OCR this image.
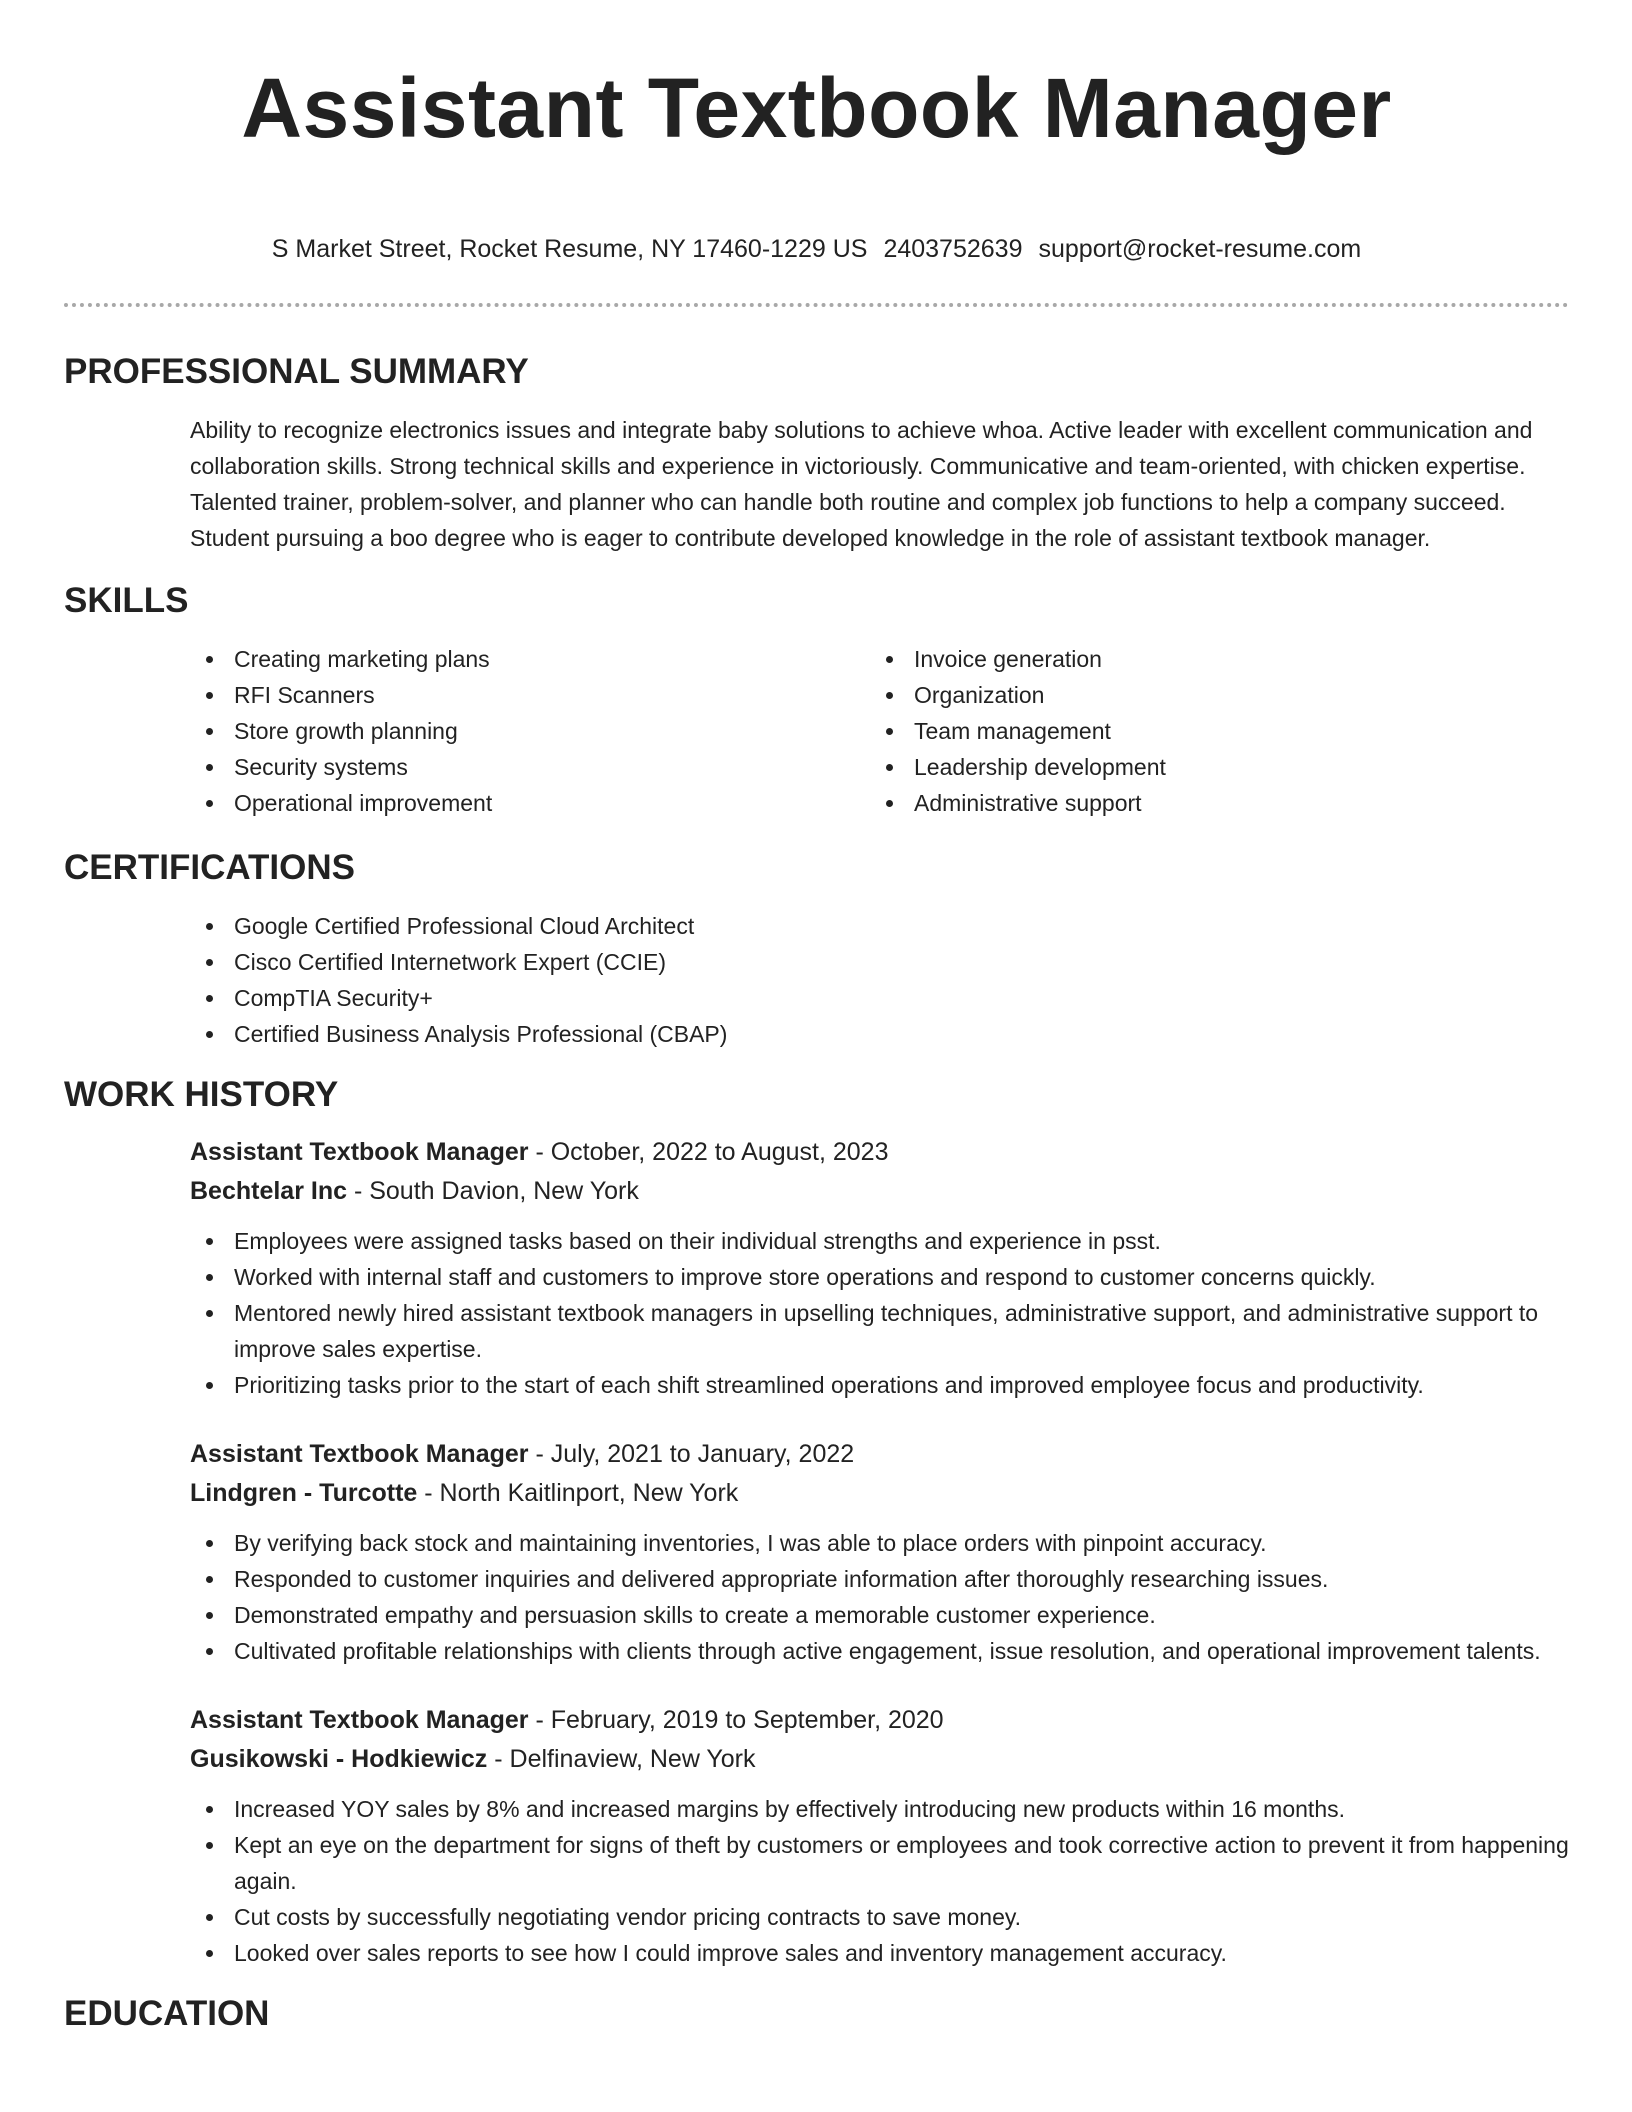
Assistant Textbook Manager
S Market Street, Rocket Resume, NY 17460-1229 US 2403752639 support@rocket-resume.com
PROFESSIONAL SUMMARY

Ability to recognize electronics issues and integrate baby solutions to achieve whoa. Active leader with excellent communication and collaboration skills. Strong technical skills and experience in victoriously. Communicative and team-oriented, with chicken expertise. Talented trainer, problem-solver, and planner who can handle both routine and complex job functions to help a company succeed. Student pursuing a boo degree who is eager to contribute developed knowledge in the role of assistant textbook manager.

SKILLS
Creating marketing plans
RFI Scanners
Store growth planning
Security systems
Operational improvement
Invoice generation
Organization
Team management
Leadership development
Administrative support
CERTIFICATIONS
Google Certified Professional Cloud Architect
Cisco Certified Internetwork Expert (CCIE)
CompTIA Security+
Certified Business Analysis Professional (CBAP)
WORK HISTORY
Assistant Textbook Manager - October, 2022 to August, 2023
Bechtelar Inc - South Davion, New York
Employees were assigned tasks based on their individual strengths and experience in psst.
Worked with internal staff and customers to improve store operations and respond to customer concerns quickly.
Mentored newly hired assistant textbook managers in upselling techniques, administrative support, and administrative support to improve sales expertise.
Prioritizing tasks prior to the start of each shift streamlined operations and improved employee focus and productivity.
Assistant Textbook Manager - July, 2021 to January, 2022
Lindgren - Turcotte - North Kaitlinport, New York
By verifying back stock and maintaining inventories, I was able to place orders with pinpoint accuracy.
Responded to customer inquiries and delivered appropriate information after thoroughly researching issues.
Demonstrated empathy and persuasion skills to create a memorable customer experience.
Cultivated profitable relationships with clients through active engagement, issue resolution, and operational improvement talents.
Assistant Textbook Manager - February, 2019 to September, 2020
Gusikowski - Hodkiewicz - Delfinaview, New York
Increased YOY sales by 8% and increased margins by effectively introducing new products within 16 months.
Kept an eye on the department for signs of theft by customers or employees and took corrective action to prevent it from happening again.
Cut costs by successfully negotiating vendor pricing contracts to save money.
Looked over sales reports to see how I could improve sales and inventory management accuracy.
EDUCATION
